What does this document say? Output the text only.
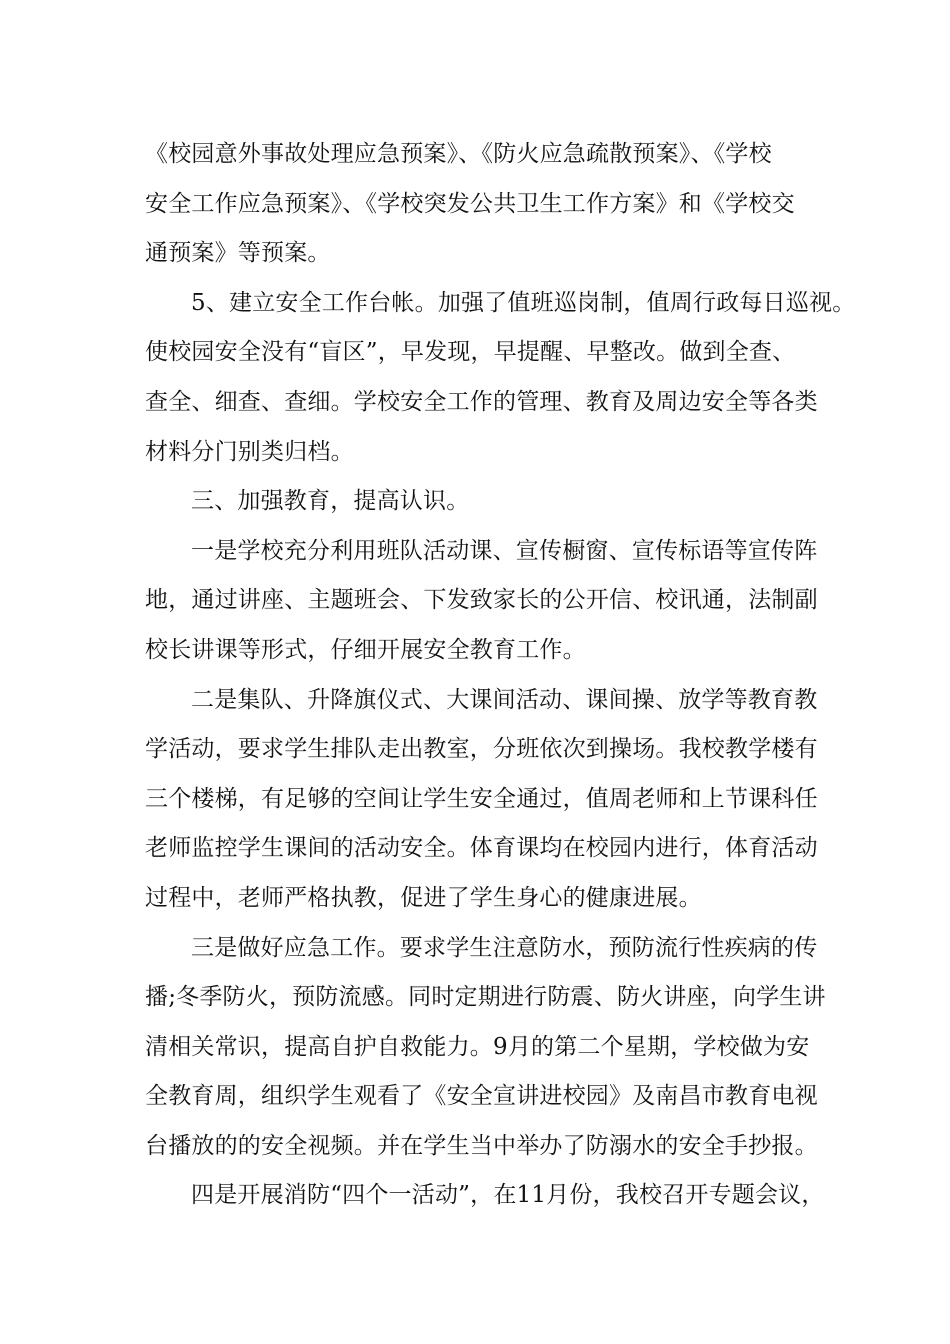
《校园意外事故处理应急预案》、《防火应急疏散预案》、《学校
安全工作应急预案》、《学校突发公共卫生工作方案》和《学校交
通预案》等预案。
5、建立安全工作台帐。加强了值班巡岗制，值周行政每日巡视。
使校园安全没有“盲区”，早发现，早提醒、早整改。做到全查、
查全、细查、查细。学校安全工作的管理、教育及周边安全等各类
材料分门别类归档。
三、加强教育，提高认识。
一是学校充分利用班队活动课、宣传橱窗、宣传标语等宣传阵
地，通过讲座、主题班会、下发致家长的公开信、校讯通，法制副
校长讲课等形式，仔细开展安全教育工作。
二是集队、升降旗仪式、大课间活动、课间操、放学等教育教
学活动，要求学生排队走出教室，分班依次到操场。我校教学楼有
三个楼梯，有足够的空间让学生安全通过，值周老师和上节课科任
老师监控学生课间的活动安全。体育课均在校园内进行，体育活动
过程中，老师严格执教，促进了学生身心的健康进展。
三是做好应急工作。要求学生注意防水，预防流行性疾病的传
播;冬季防火，预防流感。同时定期进行防震、防火讲座，向学生讲
清相关常识，提高自护自救能力。9月的第二个星期，学校做为安
全教育周，组织学生观看了《安全宣讲进校园》及南昌市教育电视
台播放的的安全视频。并在学生当中举办了防溺水的安全手抄报。
四是开展消防“四个一活动”，在11月份，我校召开专题会议，
